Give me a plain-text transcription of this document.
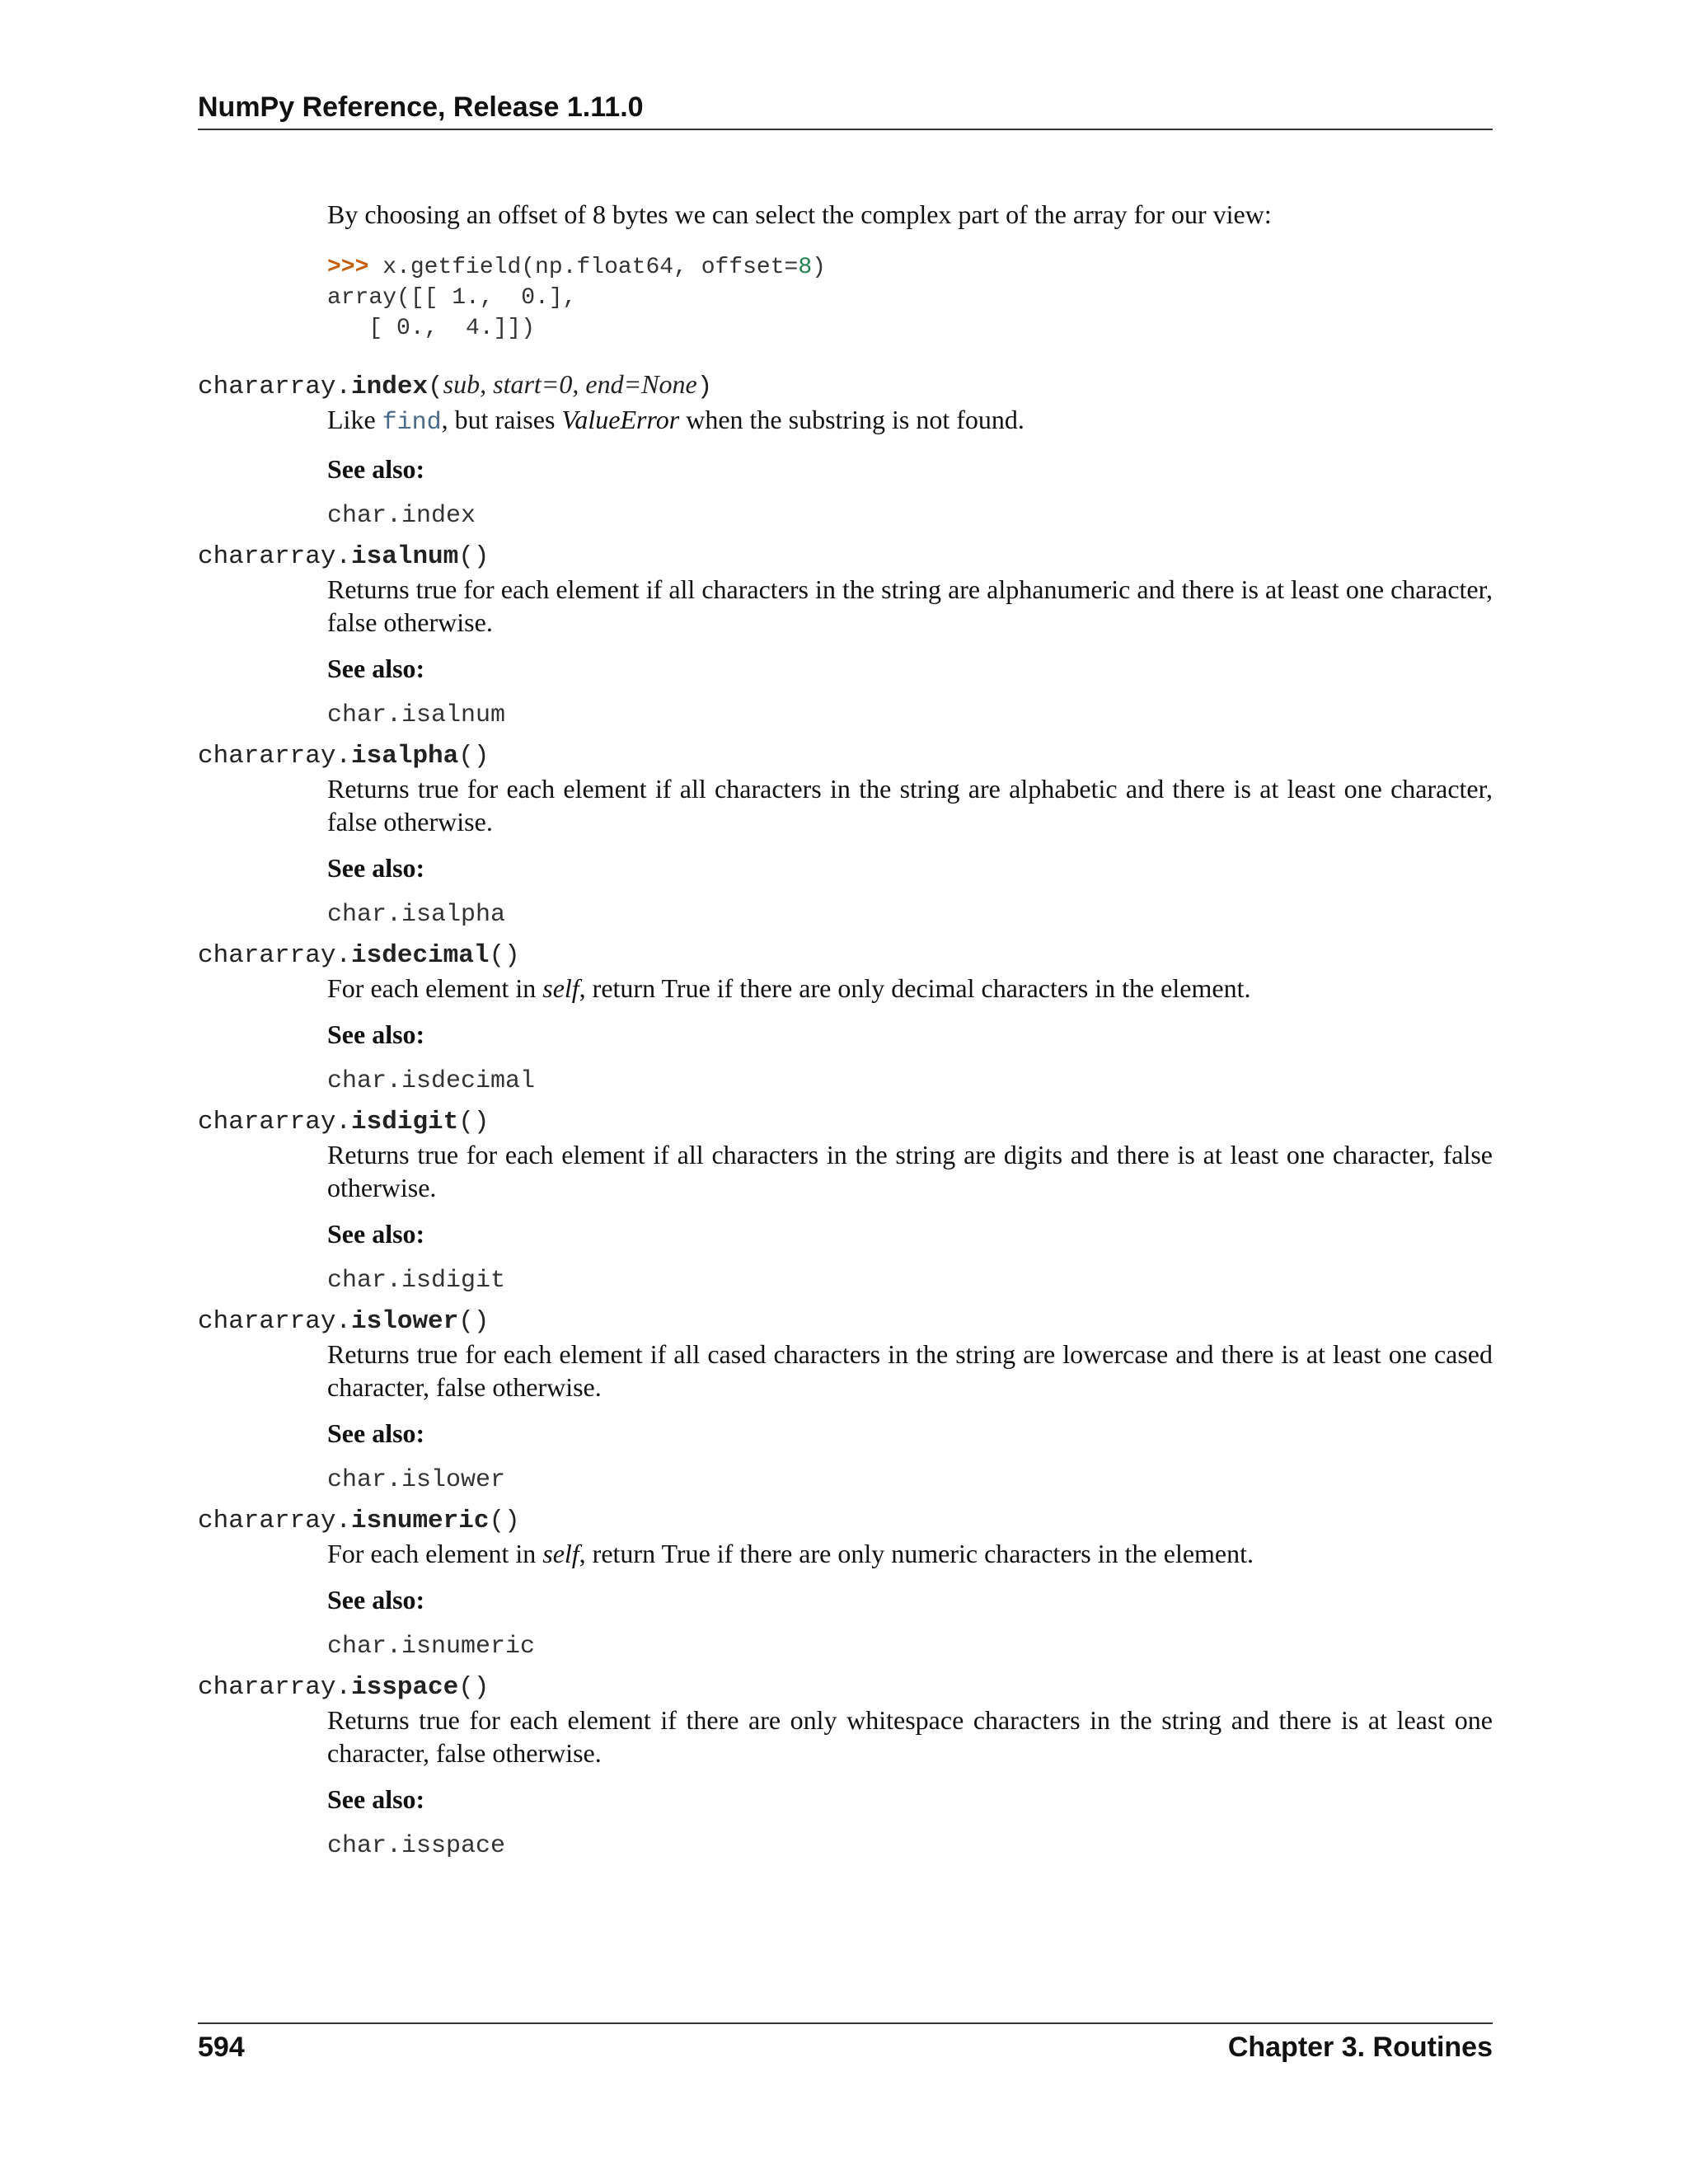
NumPy Reference, Release 1.11.0
By choosing an offset of 8 bytes we can select the complex part of the array for our view:
>>> x.getfield(np.float64, offset=8)
array([[ 1.,  0.],
[ 0.,  4.]])
chararray.index(sub, start=0, end=None)
Like find, but raises ValueError when the substring is not found.
See also:
char.index
chararray.isalnum()
Returns true for each element if all characters in the string are alphanumeric and there is at least one character, false otherwise.
See also:
char.isalnum
chararray.isalpha()
Returns true for each element if all characters in the string are alphabetic and there is at least one character, false otherwise.
See also:
char.isalpha
chararray.isdecimal()
For each element in self, return True if there are only decimal characters in the element.
See also:
char.isdecimal
chararray.isdigit()
Returns true for each element if all characters in the string are digits and there is at least one character, false otherwise.
See also:
char.isdigit
chararray.islower()
Returns true for each element if all cased characters in the string are lowercase and there is at least one cased character, false otherwise.
See also:
char.islower
chararray.isnumeric()
For each element in self, return True if there are only numeric characters in the element.
See also:
char.isnumeric
chararray.isspace()
Returns true for each element if there are only whitespace characters in the string and there is at least one character, false otherwise.
See also:
char.isspace
594	Chapter 3. Routines
